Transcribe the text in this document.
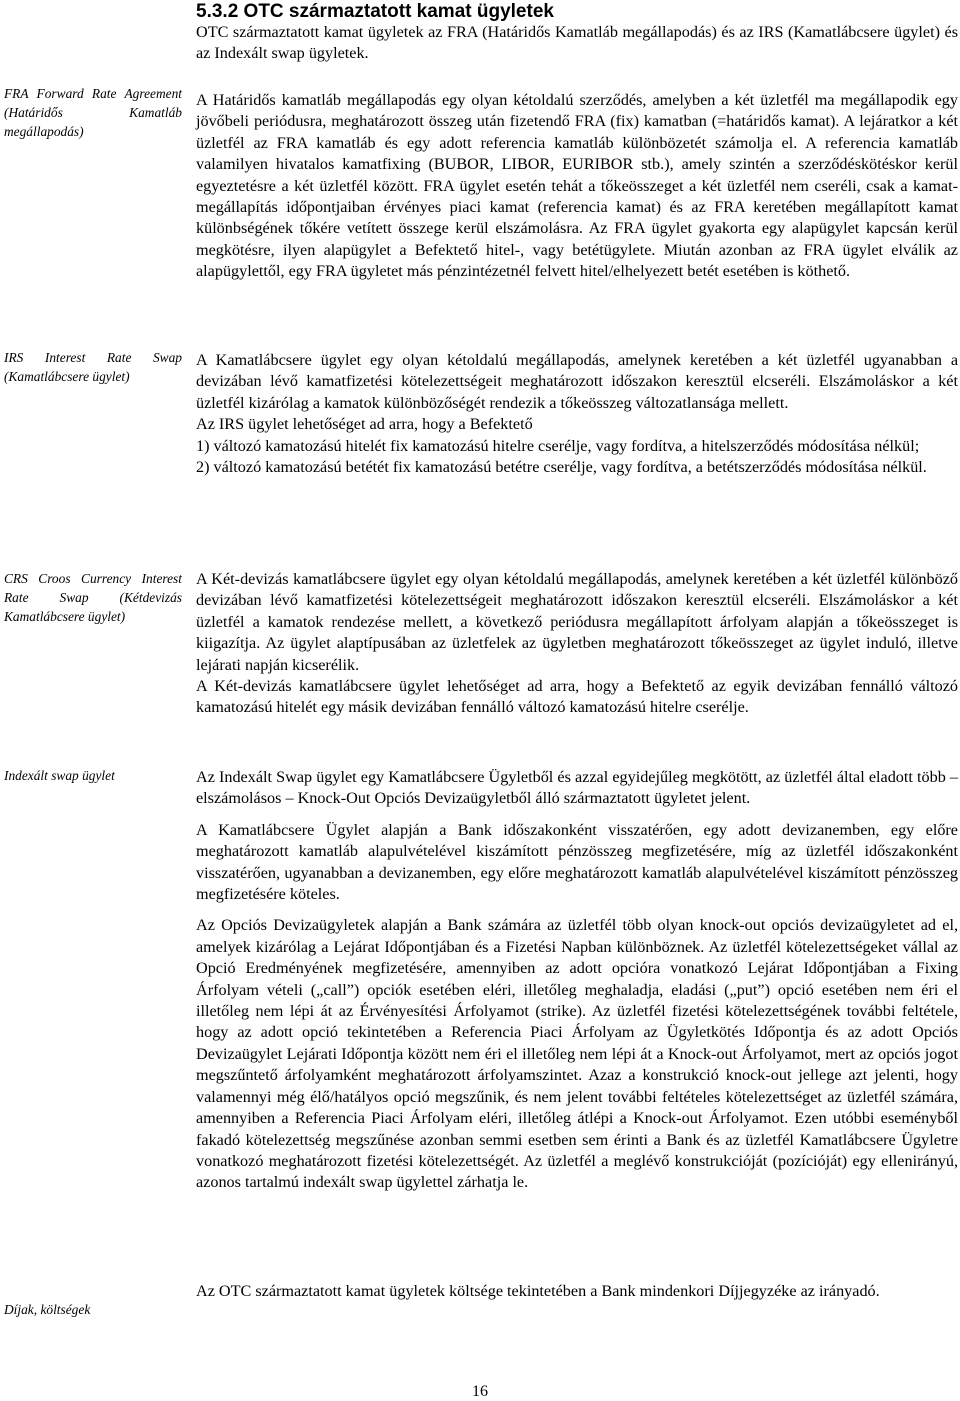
5.3.2 OTC származtatott kamat ügyletek
OTC származtatott kamat ügyletek az FRA (Határidős Kamatláb megállapodás) és az IRS (Kamatlábcsere ügylet) és az Indexált swap ügyletek.
FRA Forward Rate Agreement (Határidős Kamatláb megállapodás)

A Határidős kamatláb megállapodás egy olyan kétoldalú szerződés, amelyben a két üzletfél ma megállapodik egy jövőbeli periódusra, meghatározott összeg után fizetendő FRA (fix) kamatban (=határidős kamat). A lejáratkor a két üzletfél az FRA kamatláb és egy adott referencia kamatláb különbözetét számolja el. A referencia kamatláb valamilyen hivatalos kamatfixing (BUBOR, LIBOR, EURIBOR stb.), amely szintén a szerződéskötéskor kerül egyeztetésre a két üzletfél között. FRA ügylet esetén tehát a tőkeösszeget a két üzletfél nem cseréli, csak a kamat-megállapítás időpontjaiban érvényes piaci kamat (referencia kamat) és az FRA keretében megállapított kamat különbségének tőkére vetített összege kerül elszámolásra. Az FRA ügylet gyakorta egy alapügylet kapcsán kerül megkötésre, ilyen alapügylet a Befektető hitel-, vagy betétügylete. Miután azonban az FRA ügylet elválik az alapügylettől, egy FRA ügyletet más pénzintézetnél felvett hitel/elhelyezett betét esetében is köthető.

IRS Interest Rate Swap (Kamatlábcsere ügylet)

A Kamatlábcsere ügylet egy olyan kétoldalú megállapodás, amelynek keretében a két üzletfél ugyanabban a devizában lévő kamatfizetési kötelezettségeit meghatározott időszakon keresztül elcseréli. Elszámoláskor a két üzletfél kizárólag a kamatok különbözőségét rendezik a tőkeösszeg változatlansága mellett.

Az IRS ügylet lehetőséget ad arra, hogy a Befektető

1) változó kamatozású hitelét fix kamatozású hitelre cserélje, vagy fordítva, a hitelszerződés módosítása nélkül;

2) változó kamatozású betétét fix kamatozású betétre cserélje, vagy fordítva, a betétszerződés módosítása nélkül.

CRS Croos Currency Interest Rate Swap (Kétdevizás Kamatlábcsere ügylet)

A Két-devizás kamatlábcsere ügylet egy olyan kétoldalú megállapodás, amelynek keretében a két üzletfél különböző devizában lévő kamatfizetési kötelezettségeit meghatározott időszakon keresztül elcseréli. Elszámoláskor a két üzletfél a kamatok rendezése mellett, a következő periódusra megállapított árfolyam alapján a tőkeösszeget is kiigazítja. Az ügylet alaptípusában az üzletfelek az ügyletben meghatározott tőkeösszeget az ügylet induló, illetve lejárati napján kicserélik.

A Két-devizás kamatlábcsere ügylet lehetőséget ad arra, hogy a Befektető az egyik devizában fennálló változó kamatozású hitelét egy másik devizában fennálló változó kamatozású hitelre cserélje.

Indexált swap ügylet	Az Indexált Swap ügylet egy Kamatlábcsere Ügyletből és azzal egyidejűleg megkötött, az üzletfél által eladott több – elszámolásos – Knock-Out Opciós Devizaügyletből álló származtatott ügyletet jelent.

A Kamatlábcsere Ügylet alapján a Bank időszakonként visszatérően, egy adott devizanemben, egy előre meghatározott kamatláb alapulvételével kiszámított pénzösszeg megfizetésére, míg az üzletfél időszakonként visszatérően, ugyanabban a devizanemben, egy előre meghatározott kamatláb alapulvételével kiszámított pénzösszeg megfizetésére köteles.

Az Opciós Devizaügyletek alapján a Bank számára az üzletfél több olyan knock-out opciós devizaügyletet ad el, amelyek kizárólag a Lejárat Időpontjában és a Fizetési Napban különböznek. Az üzletfél kötelezettségeket vállal az Opció Eredményének megfizetésére, amennyiben az adott opcióra vonatkozó Lejárat Időpontjában a Fixing Árfolyam vételi („call”) opciók esetében eléri, illetőleg meghaladja, eladási („put”) opció esetében nem éri el illetőleg nem lépi át az Érvényesítési Árfolyamot (strike). Az üzletfél fizetési kötelezettségének további feltétele, hogy az adott opció tekintetében a Referencia Piaci Árfolyam az Ügyletkötés Időpontja és az adott Opciós Devizaügylet Lejárati Időpontja között nem éri el illetőleg nem lépi át a Knock-out Árfolyamot, mert az opciós jogot megszűntető árfolyamként meghatározott árfolyamszintet. Azaz a konstrukció knock-out jellege azt jelenti, hogy valamennyi még élő/hatályos opció megszűnik, és nem jelent további feltételes kötelezettséget az üzletfél számára, amennyiben a Referencia Piaci Árfolyam eléri, illetőleg átlépi a Knock-out Árfolyamot. Ezen utóbbi eseményből fakadó kötelezettség megszűnése azonban semmi esetben sem érinti a Bank és az üzletfél Kamatlábcsere Ügyletre vonatkozó meghatározott fizetési kötelezettségét. Az üzletfél a meglévő konstrukcióját (pozícióját) egy ellenirányú, azonos tartalmú indexált swap ügylettel zárhatja le.

Díjak, költségek

Az OTC származtatott kamat ügyletek költsége tekintetében a Bank mindenkori Díjjegyzéke az irányadó.

16
